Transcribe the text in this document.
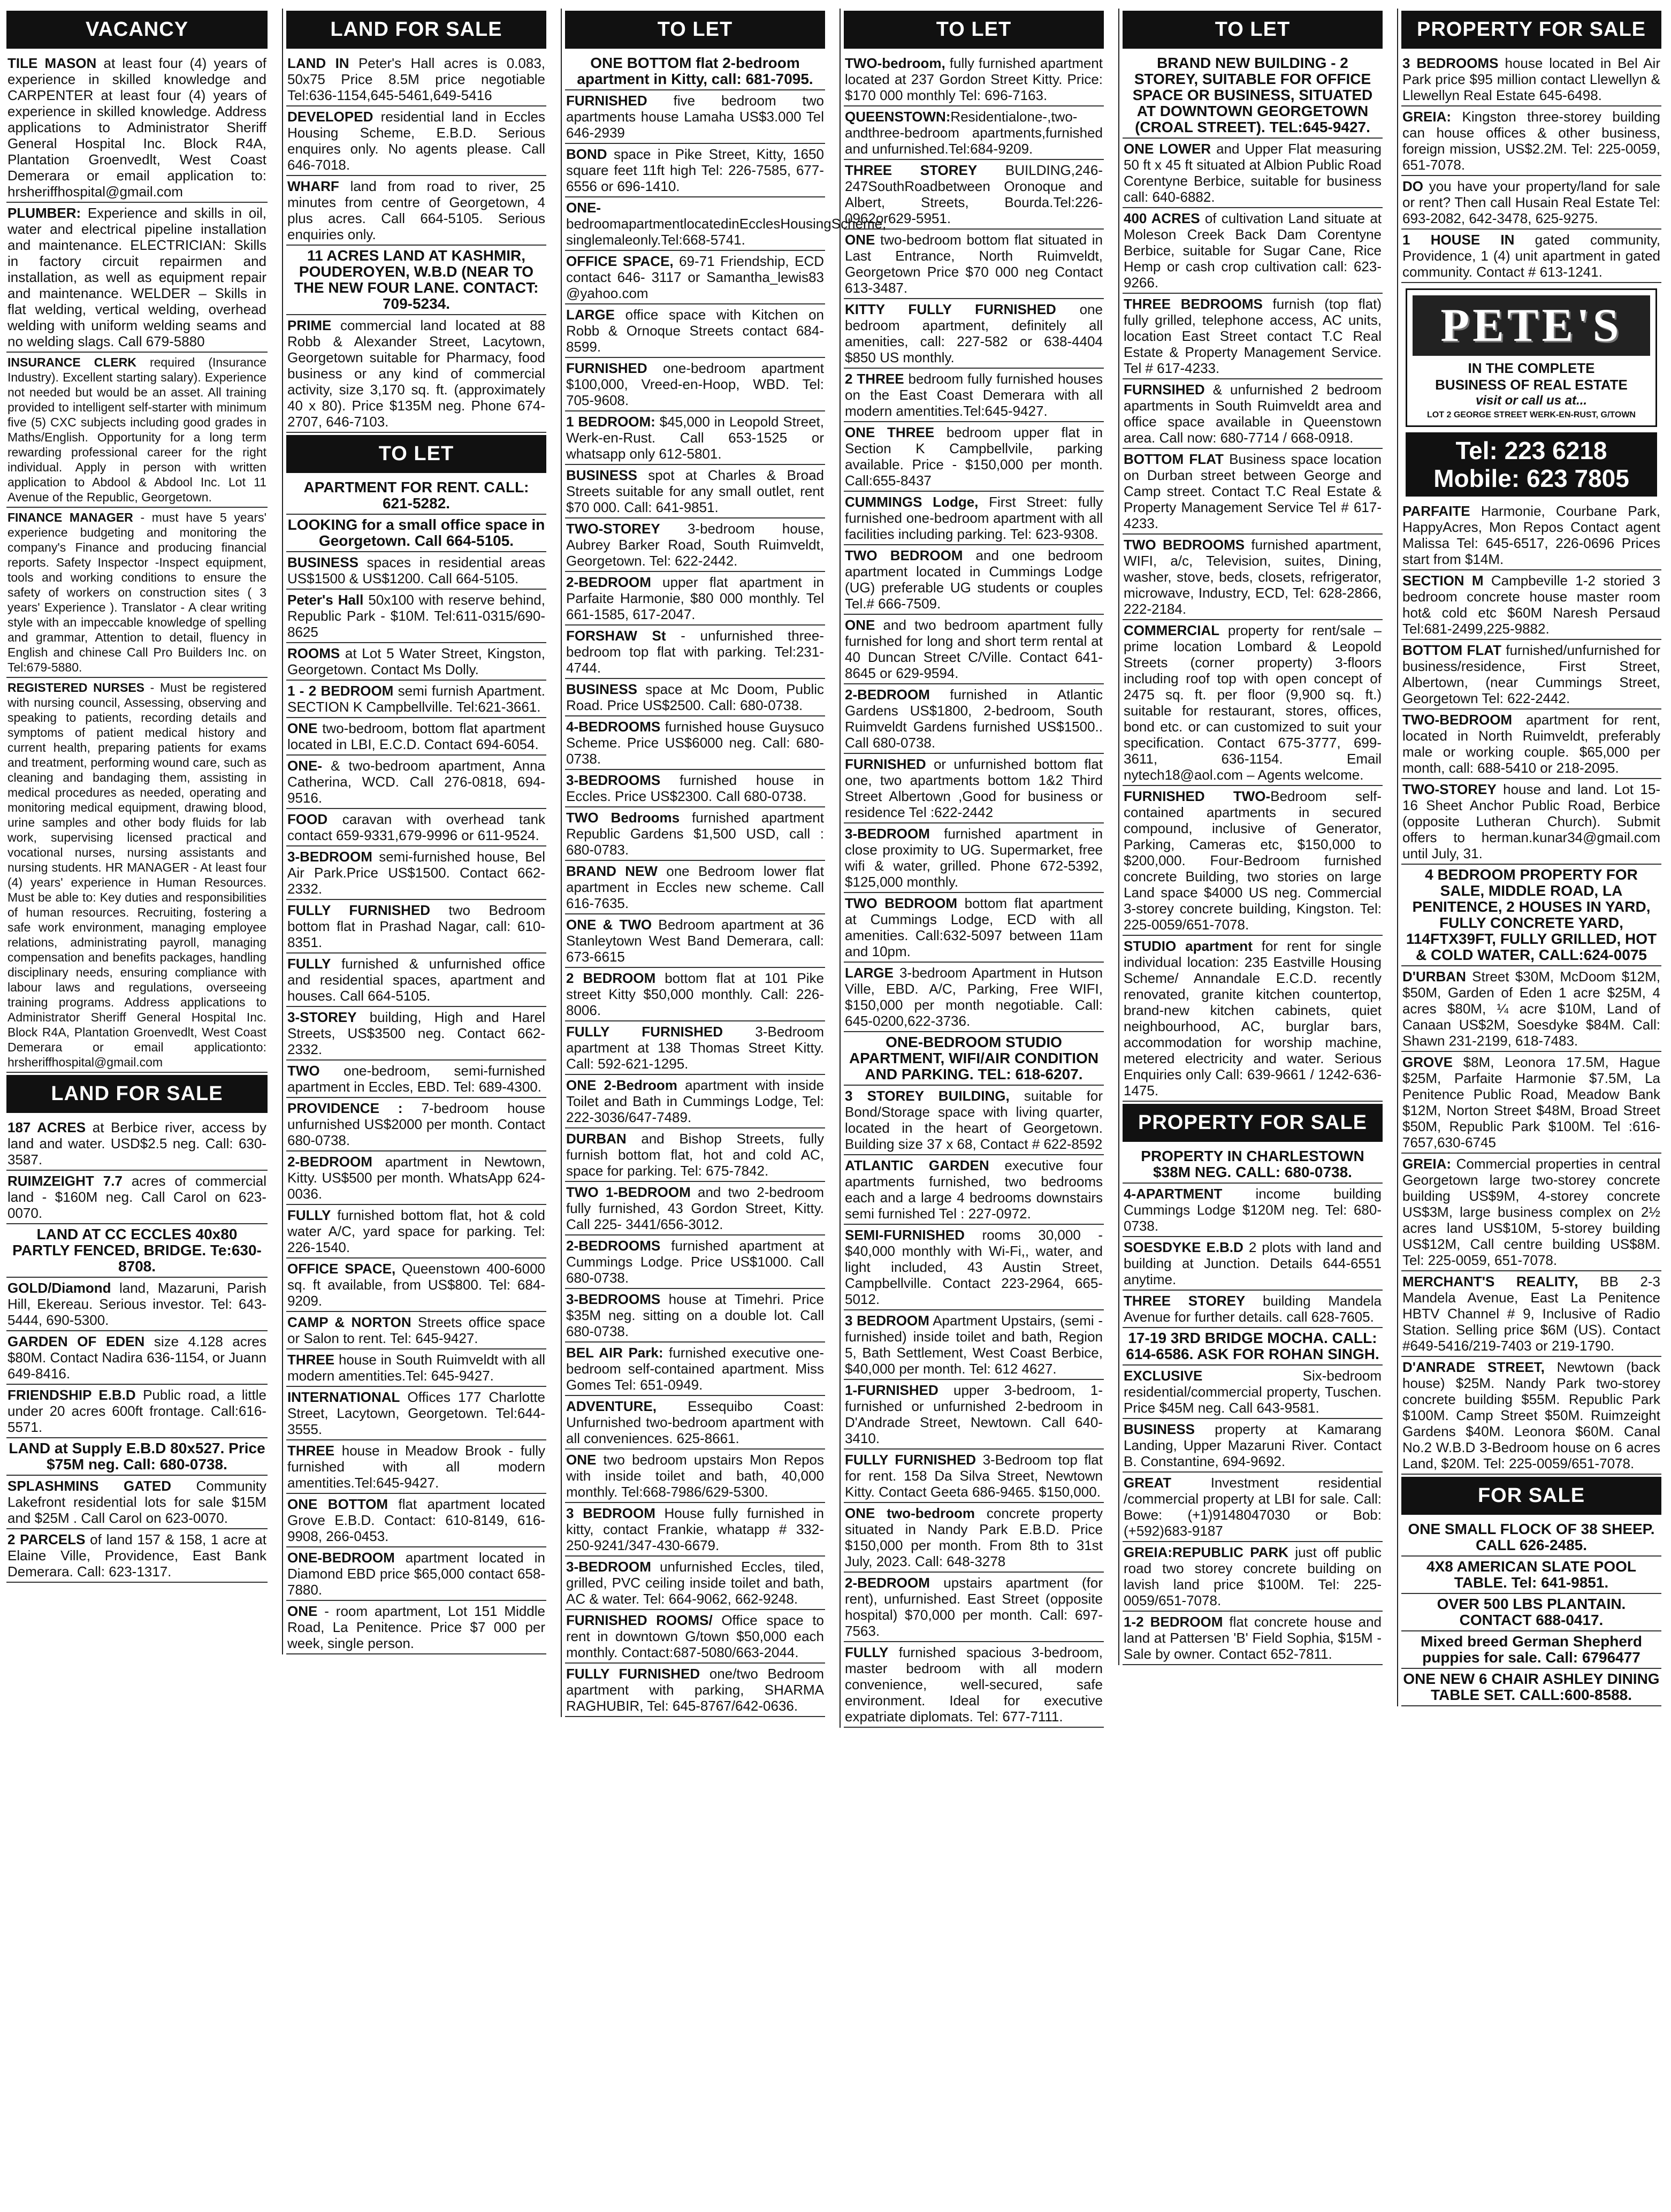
VACANCY
TILE MASON at least four (4) years of experience in skilled knowledge and CARPENTER at least four (4) years of experience in skilled knowledge. Address applications to Administrator Sheriff General Hospital Inc. Block R4A, Plantation Groenvedlt, West Coast Demerara or email application to: hrsheriffhospital@gmail.com
PLUMBER: Experience and skills in oil, water and electrical pipeline installation and maintenance. ELECTRICIAN: Skills in factory circuit repairmen and installation, as well as equipment repair and maintenance. WELDER – Skills in flat welding, vertical welding, overhead welding with uniform welding seams and no welding slags. Call 679-5880
INSURANCE CLERK required (Insurance Industry). Excellent starting salary). Experience not needed but would be an asset. All training provided to intelligent self-starter with minimum five (5) CXC subjects including good grades in Maths/English. Opportunity for a long term rewarding professional career for the right individual. Apply in person with written application to Abdool & Abdool Inc. Lot 11 Avenue of the Republic, Georgetown.
FINANCE MANAGER - must have 5 years' experience budgeting and monitoring the company's Finance and producing financial reports. Safety Inspector -Inspect equipment, tools and working conditions to ensure the safety of workers on construction sites ( 3 years' Experience ). Translator - A clear writing style with an impeccable knowledge of spelling and grammar, Attention to detail, fluency in English and chinese Call Pro Builders Inc. on Tel:679-5880.
REGISTERED NURSES - Must be registered with nursing council, Assessing, observing and speaking to patients, recording details and symptoms of patient medical history and current health, preparing patients for exams and treatment, performing wound care, such as cleaning and bandaging them, assisting in medical procedures as needed, operating and monitoring medical equipment, drawing blood, urine samples and other body fluids for lab work, supervising licensed practical and vocational nurses, nursing assistants and nursing students. HR MANAGER - At least four (4) years' experience in Human Resources. Must be able to: Key duties and responsibilities of human resources. Recruiting, fostering a safe work environment, managing employee relations, administrating payroll, managing compensation and benefits packages, handling disciplinary needs, ensuring compliance with labour laws and regulations, overseeing training programs. Address applications to Administrator Sheriff General Hospital Inc. Block R4A, Plantation Groenvedlt, West Coast Demerara or email applicationto: hrsheriffhospital@gmail.com
LAND FOR SALE
187 ACRES at Berbice river, access by land and water. USD$2.5 neg. Call: 630-3587.
RUIMZEIGHT 7.7 acres of commercial land - $160M neg. Call Carol on 623-0070.
LAND AT CC ECCLES 40x80 PARTLY FENCED, BRIDGE. Te:630-8708.
GOLD/Diamond land, Mazaruni, Parish Hill, Ekereau. Serious investor. Tel: 643-5444, 690-5300.
GARDEN OF EDEN size 4.128 acres $80M. Contact Nadira 636-1154, or Juann 649-8416.
FRIENDSHIP E.B.D Public road, a little under 20 acres 600ft frontage. Call:616-5571.
LAND at Supply E.B.D 80x527. Price $75M neg. Call: 680-0738.
SPLASHMINS GATED Community Lakefront residential lots for sale $15M and $25M . Call Carol on 623-0070.
2 PARCELS of land 157 & 158, 1 acre at Elaine Ville, Providence, East Bank Demerara. Call: 623-1317.
LAND FOR SALE
LAND IN Peter's Hall acres is 0.083, 50x75 Price 8.5M price negotiable Tel:636-1154,645-5461,649-5416
DEVELOPED residential land in Eccles Housing Scheme, E.B.D. Serious enquires only. No agents please. Call 646-7018.
WHARF land from road to river, 25 minutes from centre of Georgetown, 4 plus acres. Call 664-5105. Serious enquiries only.
11 ACRES LAND AT KASHMIR, POUDEROYEN, W.B.D (NEAR TO THE NEW FOUR LANE. CONTACT: 709-5234.
PRIME commercial land located at 88 Robb & Alexander Street, Lacytown, Georgetown suitable for Pharmacy, food business or any kind of commercial activity, size 3,170 sq. ft. (approximately 40 x 80). Price $135M neg. Phone 674-2707, 646-7103.
TO LET
APARTMENT FOR RENT. CALL: 621-5282.
LOOKING for a small office space in Georgetown. Call 664-5105.
BUSINESS spaces in residential areas US$1500 & US$1200. Call 664-5105.
Peter's Hall 50x100 with reserve behind, Republic Park - $10M. Tel:611-0315/690-8625
ROOMS at Lot 5 Water Street, Kingston, Georgetown. Contact Ms Dolly.
1 - 2 BEDROOM semi furnish Apartment. SECTION K Campbellville. Tel:621-3661.
ONE two-bedroom, bottom flat apartment located in LBI, E.C.D. Contact 694-6054.
ONE- & two-bedroom apartment, Anna Catherina, WCD. Call 276-0818, 694-9516.
FOOD caravan with overhead tank contact 659-9331,679-9996 or 611-9524.
3-BEDROOM semi-furnished house, Bel Air Park.Price US$1500. Contact 662-2332.
FULLY FURNISHED two Bedroom bottom flat in Prashad Nagar, call: 610-8351.
FULLY furnished & unfurnished office and residential spaces, apartment and houses. Call 664-5105.
3-STOREY building, High and Harel Streets, US$3500 neg. Contact 662-2332.
TWO one-bedroom, semi-furnished apartment in Eccles, EBD. Tel: 689-4300.
PROVIDENCE : 7-bedroom house unfurnished US$2000 per month. Contact 680-0738.
2-BEDROOM apartment in Newtown, Kitty. US$500 per month. WhatsApp 624-0036.
FULLY furnished bottom flat, hot & cold water A/C, yard space for parking. Tel: 226-1540.
OFFICE SPACE, Queenstown 400-6000 sq. ft available, from US$800. Tel: 684-9209.
CAMP & NORTON Streets office space or Salon to rent. Tel: 645-9427.
THREE house in South Ruimveldt with all modern amentities.Tel: 645-9427.
INTERNATIONAL Offices 177 Charlotte Street, Lacytown, Georgetown. Tel:644-3555.
THREE house in Meadow Brook - fully furnished with all modern amentities.Tel:645-9427.
ONE BOTTOM flat apartment located Grove E.B.D. Contact: 610-8149, 616-9908, 266-0453.
ONE-BEDROOM apartment located in Diamond EBD price $65,000 contact 658-7880.
ONE - room apartment, Lot 151 Middle Road, La Penitence. Price $7 000 per week, single person.
TO LET
ONE BOTTOM flat 2-bedroom apartment in Kitty, call: 681-7095.
FURNISHED five bedroom two apartments house Lamaha US$3.000 Tel 646-2939
BOND space in Pike Street, Kitty, 1650 square feet 11ft high Tel: 226-7585, 677-6556 or 696-1410.
ONE-bedroomapartmentlocatedinEcclesHousingScheme, singlemaleonly.Tel:668-5741.
OFFICE SPACE, 69-71 Friendship, ECD contact 646- 3117 or Samantha_lewis83 @yahoo.com
LARGE office space with Kitchen on Robb & Ornoque Streets contact 684-8599.
FURNISHED one-bedroom apartment $100,000, Vreed-en-Hoop, WBD. Tel: 705-9608.
1 BEDROOM: $45,000 in Leopold Street, Werk-en-Rust. Call 653-1525 or whatsapp only 612-5801.
BUSINESS spot at Charles & Broad Streets suitable for any small outlet, rent $70 000. Call: 641-9851.
TWO-STOREY 3-bedroom house, Aubrey Barker Road, South Ruimveldt, Georgetown. Tel: 622-2442.
2-BEDROOM upper flat apartment in Parfaite Harmonie, $80 000 monthly. Tel 661-1585, 617-2047.
FORSHAW St - unfurnished three-bedroom top flat with parking. Tel:231-4744.
BUSINESS space at Mc Doom, Public Road. Price US$2500. Call: 680-0738.
4-BEDROOMS furnished house Guysuco Scheme. Price US$6000 neg. Call: 680-0738.
3-BEDROOMS furnished house in Eccles. Price US$2300. Call 680-0738.
TWO Bedrooms furnished apartment Republic Gardens $1,500 USD, call : 680-0783.
BRAND NEW one Bedroom lower flat apartment in Eccles new scheme. Call 616-7635.
ONE & TWO Bedroom apartment at 36 Stanleytown West Band Demerara, call: 673-6615
2 BEDROOM bottom flat at 101 Pike street Kitty $50,000 monthly. Call: 226-8006.
FULLY FURNISHED 3-Bedroom apartment at 138 Thomas Street Kitty. Call: 592-621-1295.
ONE 2-Bedroom apartment with inside Toilet and Bath in Cummings Lodge, Tel: 222-3036/647-7489.
DURBAN and Bishop Streets, fully furnish bottom flat, hot and cold AC, space for parking. Tel: 675-7842.
TWO 1-BEDROOM and two 2-bedroom fully furnished, 43 Gordon Street, Kitty. Call 225- 3441/656-3012.
2-BEDROOMS furnished apartment at Cummings Lodge. Price US$1000. Call 680-0738.
3-BEDROOMS house at Timehri. Price $35M neg. sitting on a double lot. Call 680-0738.
BEL AIR Park: furnished executive one-bedroom self-contained apartment. Miss Gomes Tel: 651-0949.
ADVENTURE, Essequibo Coast: Unfurnished two-bedroom apartment with all conveniences. 625-8661.
ONE two bedroom upstairs Mon Repos with inside toilet and bath, 40,000 monthly. Tel:668-7986/629-5300.
3 BEDROOM House fully furnished in kitty, contact Frankie, whatapp # 332-250-9241/347-430-6679.
3-BEDROOM unfurnished Eccles, tiled, grilled, PVC ceiling inside toilet and bath, AC & water. Tel: 664-9062, 662-9248.
FURNISHED ROOMS/ Office space to rent in downtown G/town $50,000 each monthly. Contact:687-5080/663-2044.
FULLY FURNISHED one/two Bedroom apartment with parking, SHARMA RAGHUBIR, Tel: 645-8767/642-0636.
TO LET
TWO-bedroom, fully furnished apartment located at 237 Gordon Street Kitty. Price: $170 000 monthly Tel: 696-7163.
QUEENSTOWN:Residentialone-,two-andthree-bedroom apartments,furnished and unfurnished.Tel:684-9209.
THREE STOREY BUILDING,246-247SouthRoadbetween Oronoque and Albert, Streets, Bourda.Tel:226-0962or629-5951.
ONE two-bedroom bottom flat situated in Last Entrance, North Ruimveldt, Georgetown Price $70 000 neg Contact 613-3487.
KITTY FULLY FURNISHED one bedroom apartment, definitely all amenities, call: 227-582 or 638-4404 $850 US monthly.
2 THREE bedroom fully furnished houses on the East Coast Demerara with all modern amentities.Tel:645-9427.
ONE THREE bedroom upper flat in Section K Campbellvile, parking available. Price - $150,000 per month. Call:655-8437
CUMMINGS Lodge, First Street: fully furnished one-bedroom apartment with all facilities including parking. Tel: 623-9308.
TWO BEDROOM and one bedroom apartment located in Cummings Lodge (UG) preferable UG students or couples Tel.# 666-7509.
ONE and two bedroom apartment fully furnished for long and short term rental at 40 Duncan Street C/Ville. Contact 641-8645 or 629-9594.
2-BEDROOM furnished in Atlantic Gardens US$1800, 2-bedroom, South Ruimveldt Gardens furnished US$1500.. Call 680-0738.
FURNISHED or unfurnished bottom flat one, two apartments bottom 1&2 Third Street Albertown ,Good for business or residence Tel :622-2442
3-BEDROOM furnished apartment in close proximity to UG. Supermarket, free wifi & water, grilled. Phone 672-5392, $125,000 monthly.
TWO BEDROOM bottom flat apartment at Cummings Lodge, ECD with all amenities. Call:632-5097 between 11am and 10pm.
LARGE 3-bedroom Apartment in Hutson Ville, EBD. A/C, Parking, Free WIFI, $150,000 per month negotiable. Call: 645-0200,622-3736.
ONE-BEDROOM STUDIO APARTMENT, WIFI/AIR CONDITION AND PARKING. TEL: 618-6207.
3 STOREY BUILDING, suitable for Bond/Storage space with living quarter, located in the heart of Georgetown. Building size 37 x 68, Contact # 622-8592
ATLANTIC GARDEN executive four apartments furnished, two bedrooms each and a large 4 bedrooms downstairs semi furnished Tel : 227-0972.
SEMI-FURNISHED rooms 30,000 - $40,000 monthly with Wi-Fi,, water, and light included, 43 Austin Street, Campbellville. Contact 223-2964, 665-5012.
3 BEDROOM Apartment Upstairs, (semi - furnished) inside toilet and bath, Region 5, Bath Settlement, West Coast Berbice, $40,000 per month. Tel: 612 4627.
1-FURNISHED upper 3-bedroom, 1-furnished or unfurnished 2-bedroom in D'Andrade Street, Newtown. Call 640-3410.
FULLY FURNISHED 3-Bedroom top flat for rent. 158 Da Silva Street, Newtown Kitty. Contact Geeta 686-9465. $150,000.
ONE two-bedroom concrete property situated in Nandy Park E.B.D. Price $150,000 per month. From 8th to 31st July, 2023. Call: 648-3278
2-BEDROOM upstairs apartment (for rent), unfurnished. East Street (opposite hospital) $70,000 per month. Call: 697-7563.
FULLY furnished spacious 3-bedroom, master bedroom with all modern convenience, well-secured, safe environment. Ideal for executive expatriate diplomats. Tel: 677-7111.
TO LET
BRAND NEW BUILDING - 2 STOREY, SUITABLE FOR OFFICE SPACE OR BUSINESS, SITUATED AT DOWNTOWN GEORGETOWN (CROAL STREET). TEL:645-9427.
ONE LOWER and Upper Flat measuring 50 ft x 45 ft situated at Albion Public Road Corentyne Berbice, suitable for business call: 640-6882.
400 ACRES of cultivation Land situate at Moleson Creek Back Dam Corentyne Berbice, suitable for Sugar Cane, Rice Hemp or cash crop cultivation call: 623-9266.
THREE BEDROOMS furnish (top flat) fully grilled, telephone access, AC units, location East Street contact T.C Real Estate & Property Management Service. Tel # 617-4233.
FURNSIHED & unfurnished 2 bedroom apartments in South Ruimveldt area and office space available in Queenstown area. Call now: 680-7714 / 668-0918.
BOTTOM FLAT Business space location on Durban street between George and Camp street. Contact T.C Real Estate & Property Management Service Tel # 617-4233.
TWO BEDROOMS furnished apartment, WIFI, a/c, Television, suites, Dining, washer, stove, beds, closets, refrigerator, microwave, Industry, ECD, Tel: 628-2866, 222-2184.
COMMERCIAL property for rent/sale – prime location Lombard & Leopold Streets (corner property) 3-floors including roof top with open concept of 2475 sq. ft. per floor (9,900 sq. ft.) suitable for restaurant, stores, offices, bond etc. or can customized to suit your specification. Contact 675-3777, 699-3611, 636-1154. Email nytech18@aol.com – Agents welcome.
FURNISHED TWO-Bedroom self-contained apartments in secured compound, inclusive of Generator, Parking, Cameras etc, $150,000 to $200,000. Four-Bedroom furnished concrete Building, two stories on large Land space $4000 US neg. Commercial 3-storey concrete building, Kingston. Tel: 225-0059/651-7078.
STUDIO apartment for rent for single individual location: 235 Eastville Housing Scheme/ Annandale E.C.D. recently renovated, granite kitchen countertop, brand-new kitchen cabinets, quiet neighbourhood, AC, burglar bars, accommodation for worship machine, metered electricity and water. Serious Enquiries only Call: 639-9661 / 1242-636-1475.
PROPERTY FOR SALE
PROPERTY IN CHARLESTOWN $38M NEG. CALL: 680-0738.
4-APARTMENT income building Cummings Lodge $120M neg. Tel: 680-0738.
SOESDYKE E.B.D 2 plots with land and building at Junction. Details 644-6551 anytime.
THREE STOREY building Mandela Avenue for further details. call 628-7605.
17-19 3RD BRIDGE MOCHA. CALL: 614-6586. ASK FOR ROHAN SINGH.
EXCLUSIVE Six-bedroom residential/commercial property, Tuschen. Price $45M neg. Call 643-9581.
BUSINESS property at Kamarang Landing, Upper Mazaruni River. Contact B. Constantine, 694-9692.
GREAT Investment residential /commercial property at LBI for sale. Call: Bowe: (+1)9148047030 or Bob: (+592)683-9187
GREIA:REPUBLIC PARK just off public road two storey concrete building on lavish land price $100M. Tel: 225-0059/651-7078.
1-2 BEDROOM flat concrete house and land at Pattersen 'B' Field Sophia, $15M - Sale by owner. Contact 652-7811.
PROPERTY FOR SALE
3 BEDROOMS house located in Bel Air Park price $95 million contact Llewellyn & Llewellyn Real Estate 645-6498.
GREIA: Kingston three-storey building can house offices & other business, foreign mission, US$2.2M. Tel: 225-0059, 651-7078.
DO you have your property/land for sale or rent? Then call Husain Real Estate Tel: 693-2082, 642-3478, 625-9275.
1 HOUSE IN gated community, Providence, 1 (4) unit apartment in gated community. Contact # 613-1241.
PETE'S
IN THE COMPLETE
BUSINESS OF REAL ESTATE
visit or call us at...
LOT 2 GEORGE STREET WERK-EN-RUST, G/TOWN
Tel: 223 6218
Mobile: 623 7805
PARFAITE Harmonie, Courbane Park, HappyAcres, Mon Repos Contact agent Malissa Tel: 645-6517, 226-0696 Prices start from $14M.
SECTION M Campbeville 1-2 storied 3 bedroom concrete house master room hot& cold etc $60M Naresh Persaud Tel:681-2499,225-9882.
BOTTOM FLAT furnished/unfurnished for business/residence, First Street, Albertown, (near Cummings Street, Georgetown Tel: 622-2442.
TWO-BEDROOM apartment for rent, located in North Ruimveldt, preferably male or working couple. $65,000 per month, call: 688-5410 or 218-2095.
TWO-STOREY house and land. Lot 15-16 Sheet Anchor Public Road, Berbice (opposite Lutheran Church). Submit offers to herman.kunar34@gmail.com until July, 31.
4 BEDROOM PROPERTY FOR SALE, MIDDLE ROAD, LA PENITENCE, 2 HOUSES IN YARD, FULLY CONCRETE YARD, 114FTX39FT, FULLY GRILLED, HOT & COLD WATER, CALL:624-0075
D'URBAN Street $30M, McDoom $12M, $50M, Garden of Eden 1 acre $25M, 4 acres $80M, ¼ acre $10M, Land of Canaan US$2M, Soesdyke $84M. Call: Shawn 231-2199, 618-7483.
GROVE $8M, Leonora 17.5M, Hague $25M, Parfaite Harmonie $7.5M, La Penitence Public Road, Meadow Bank $12M, Norton Street $48M, Broad Street $50M, Republic Park $100M. Tel :616-7657,630-6745
GREIA: Commercial properties in central Georgetown large two-storey concrete building US$9M, 4-storey concrete US$3M, large business complex on 2½ acres land US$10M, 5-storey building US$12M, Call centre building US$8M. Tel: 225-0059, 651-7078.
MERCHANT'S REALITY, BB 2-3 Mandela Avenue, East La Penitence HBTV Channel # 9, Inclusive of Radio Station. Selling price $6M (US). Contact #649-5416/219-7403 or 219-1790.
D'ANRADE STREET, Newtown (back house) $25M. Nandy Park two-storey concrete building $55M. Republic Park $100M. Camp Street $50M. Ruimzeight Gardens $40M. Leonora $60M. Canal No.2 W.B.D 3-Bedroom house on 6 acres Land, $20M. Tel: 225-0059/651-7078.
FOR SALE
ONE SMALL FLOCK OF 38 SHEEP. CALL 626-2485.
4X8 AMERICAN SLATE POOL TABLE. Tel: 641-9851.
OVER 500 LBS PLANTAIN. CONTACT 688-0417.
Mixed breed German Shepherd puppies for sale. Call: 6796477
ONE NEW 6 CHAIR ASHLEY DINING TABLE SET. CALL:600-8588.
